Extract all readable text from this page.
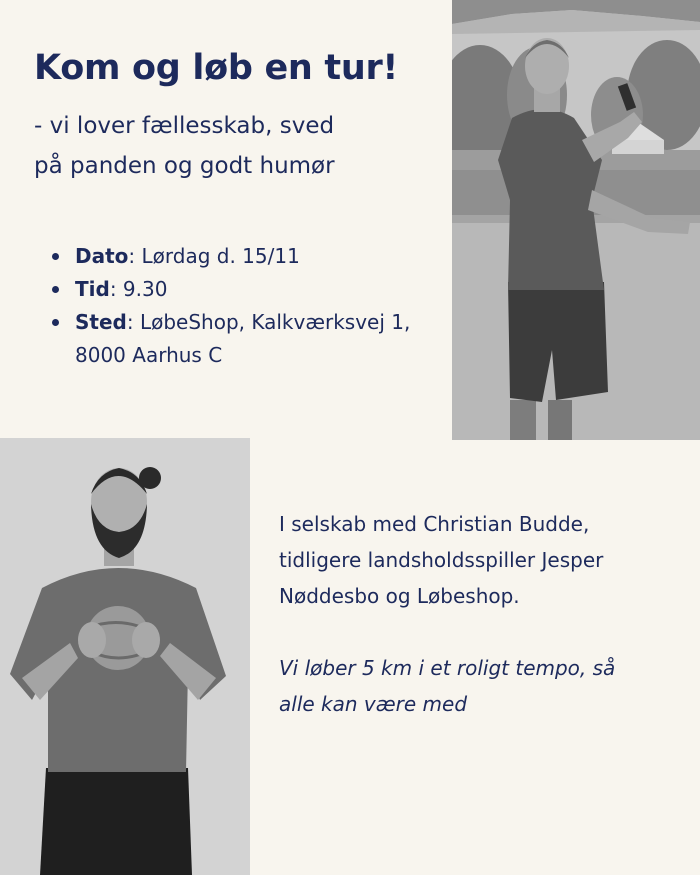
Kom og løb en tur!
- vi lover fællesskab, sved
på panden og godt humør
Dato: Lørdag d. 15/11
Tid: 9.30
Sted: LøbeShop, Kalkværksvej 1,
8000 Aarhus C
I selskab med Christian Budde,
tidligere landsholdsspiller Jesper
Nøddesbo og Løbeshop.
Vi løber 5 km i et roligt tempo, så
alle kan være med
